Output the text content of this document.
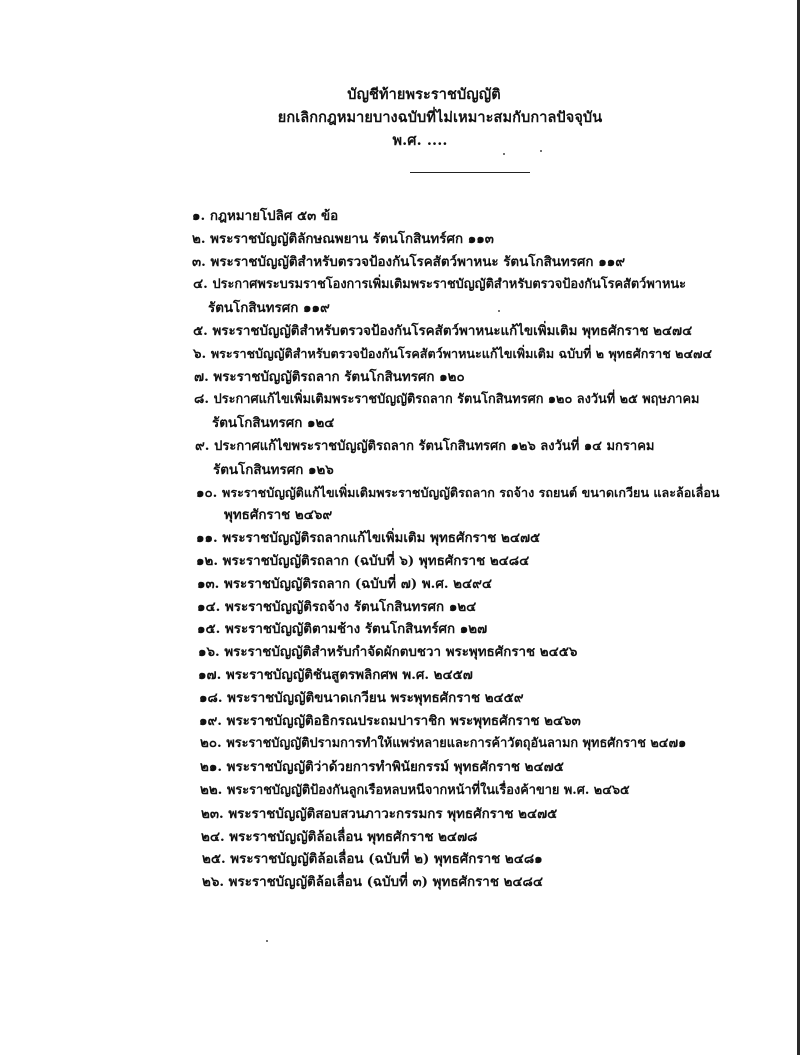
บัญชีท้ายพระราชบัญญัติ
ยกเลิกกฎหมายบางฉบับที่ไม่เหมาะสมกับกาลปัจจุบัน
พ.ศ. ....
๑. กฎหมายโปลิศ ๕๓ ข้อ
๒. พระราชบัญญัติลักษณพยาน รัตนโกสินทร์ศก ๑๑๓
๓. พระราชบัญญัติสำหรับตรวจป้องกันโรคสัตว์พาหนะ รัตนโกสินทรศก ๑๑๙
๔. ประกาศพระบรมราชโองการเพิ่มเติมพระราชบัญญัติสำหรับตรวจป้องกันโรคสัตว์พาหนะ
รัตนโกสินทรศก ๑๑๙
๕. พระราชบัญญัติสำหรับตรวจป้องกันโรคสัตว์พาหนะแก้ไขเพิ่มเติม พุทธศักราช ๒๔๗๔
๖. พระราชบัญญัติสำหรับตรวจป้องกันโรคสัตว์พาหนะแก้ไขเพิ่มเติม ฉบับที่ ๒ พุทธศักราช ๒๔๗๔
๗. พระราชบัญญัติรถลาก รัตนโกสินทรศก ๑๒๐
๘. ประกาศแก้ไขเพิ่มเติมพระราชบัญญัติรถลาก รัตนโกสินทรศก ๑๒๐ ลงวันที่ ๒๕ พฤษภาคม
รัตนโกสินทรศก ๑๒๔
๙. ประกาศแก้ไขพระราชบัญญัติรถลาก รัตนโกสินทรศก ๑๒๖ ลงวันที่ ๑๔ มกราคม
รัตนโกสินทรศก ๑๒๖
๑๐. พระราชบัญญัติแก้ไขเพิ่มเติมพระราชบัญญัติรถลาก รถจ้าง รถยนต์ ขนาดเกวียน และล้อเลื่อน
พุทธศักราช ๒๔๖๙
๑๑. พระราชบัญญัติรถลากแก้ไขเพิ่มเติม พุทธศักราช ๒๔๗๕
๑๒. พระราชบัญญัติรถลาก (ฉบับที่ ๖) พุทธศักราช ๒๔๘๔
๑๓. พระราชบัญญัติรถลาก (ฉบับที่ ๗) พ.ศ. ๒๔๙๔
๑๔. พระราชบัญญัติรถจ้าง รัตนโกสินทรศก ๑๒๔
๑๕. พระราชบัญญัติตามช้าง รัตนโกสินทร์ศก ๑๒๗
๑๖. พระราชบัญญัติสำหรับกำจัดผักตบชวา พระพุทธศักราช ๒๔๕๖
๑๗. พระราชบัญญัติชันสูตรพลิกศพ พ.ศ. ๒๔๕๗
๑๘. พระราชบัญญัติขนาดเกวียน พระพุทธศักราช ๒๔๕๙
๑๙. พระราชบัญญัติอธิกรณประถมปาราชิก พระพุทธศักราช ๒๔๖๓
๒๐. พระราชบัญญัติปรามการทำให้แพร่หลายและการค้าวัตถุอันลามก พุทธศักราช ๒๔๗๑
๒๑. พระราชบัญญัติว่าด้วยการทำพินัยกรรม์ พุทธศักราช ๒๔๗๕
๒๒. พระราชบัญญัติป้องกันลูกเรือหลบหนีจากหน้าที่ในเรื่องค้าขาย พ.ศ. ๒๔๖๕
๒๓. พระราชบัญญัติสอบสวนภาวะกรรมกร พุทธศักราช ๒๔๗๕
๒๔. พระราชบัญญัติล้อเลื่อน พุทธศักราช ๒๔๗๘
๒๕. พระราชบัญญัติล้อเลื่อน (ฉบับที่ ๒) พุทธศักราช ๒๔๘๑
๒๖. พระราชบัญญัติล้อเลื่อน (ฉบับที่ ๓) พุทธศักราช ๒๔๘๔
